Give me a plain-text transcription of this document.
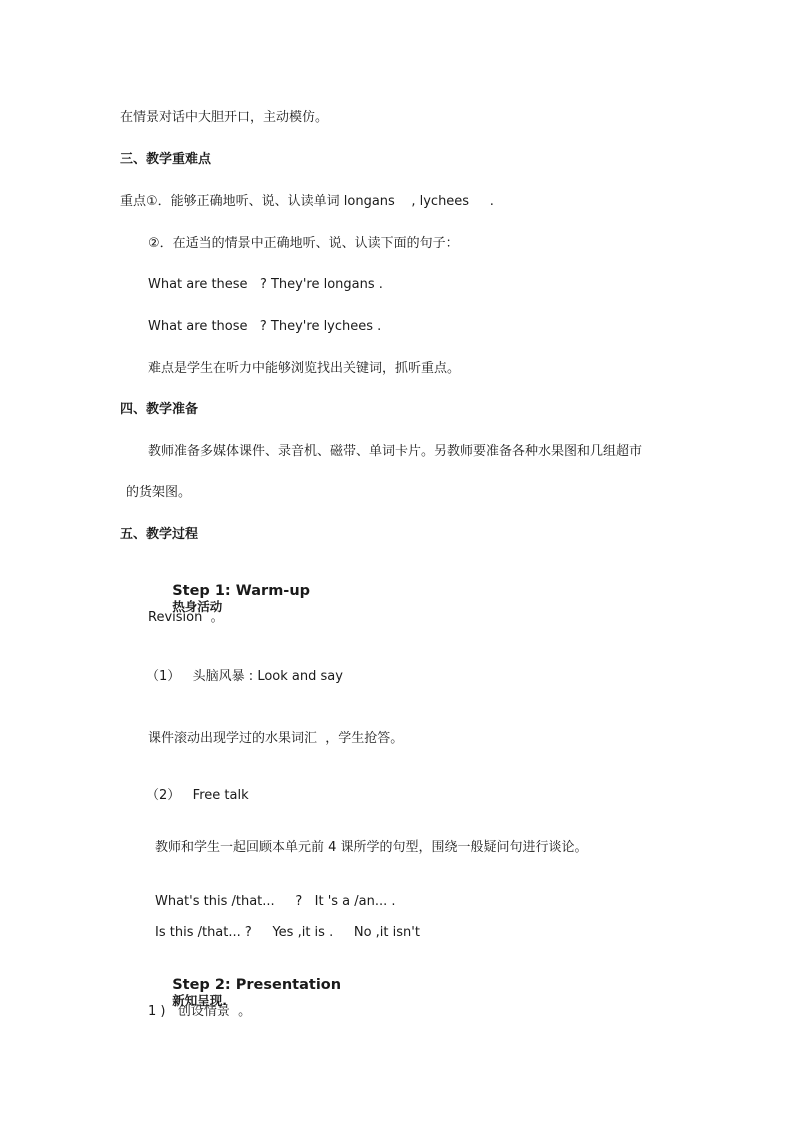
在情景对话中大胆开口，主动模仿。
三、教学重难点
重点①．能够正确地听、说、认读单词 longans    , lychees     .
②．在适当的情景中正确地听、说、认读下面的句子：
What are these   ? They're longans .
What are those   ? They're lychees .
难点是学生在听力中能够浏览找出关键词，抓听重点。
四、教学准备
教师准备多媒体课件、录音机、磁带、单词卡片。另教师要准备各种水果图和几组超市
的货架图。
五、教学过程

Step 1: Warm-up
热身活动

Revision  。
（1）   头脑风暴 : Look and say
课件滚动出现学过的水果词汇  ，学生抢答。
（2）   Free talk
教师和学生一起回顾本单元前 4 课所学的句型，围绕一般疑问句进行谈论。
What's this /that...     ?   It 's a /an... .
Is this /that... ?     Yes ,it is .     No ,it isn't

Step 2: Presentation
新知呈现.

1 )   创设情景  。
